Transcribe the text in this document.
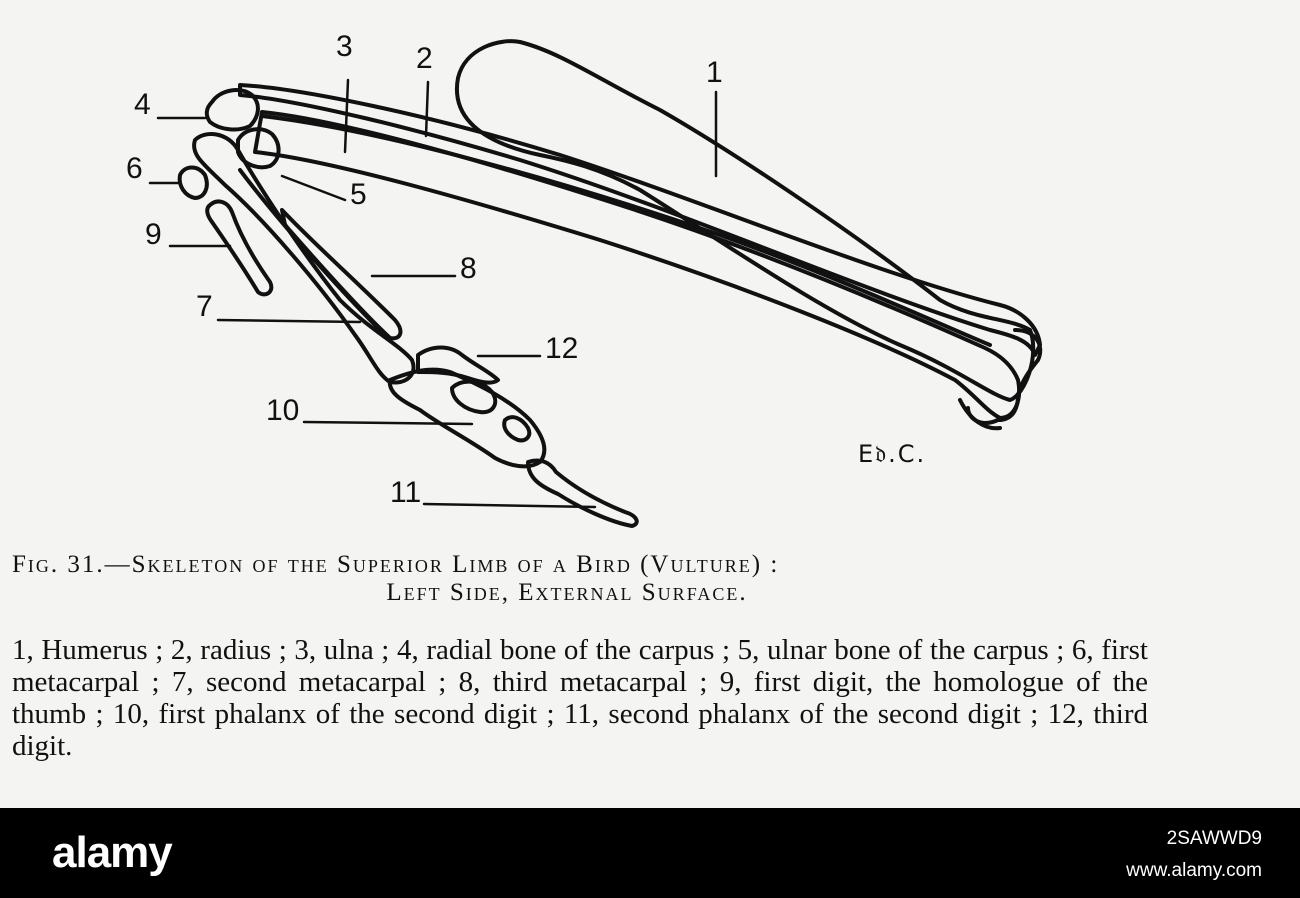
1
2
3
4
5
6
7
8
9
10
11
12
E𝔡.C.
Fig. 31.—Skeleton of the Superior Limb of a Bird (Vulture) :
Left Side, External Surface.
1, Humerus ; 2, radius ; 3, ulna ; 4, radial bone of the carpus ; 5, ulnar bone of the carpus ; 6, first metacarpal ; 7, second metacarpal ; 8, third metacarpal ; 9, first digit, the homologue of the thumb ; 10, first phalanx of the second digit ; 11, second phalanx of the second digit ; 12, third digit.
alamy	2SAWWD9
www.alamy.com
